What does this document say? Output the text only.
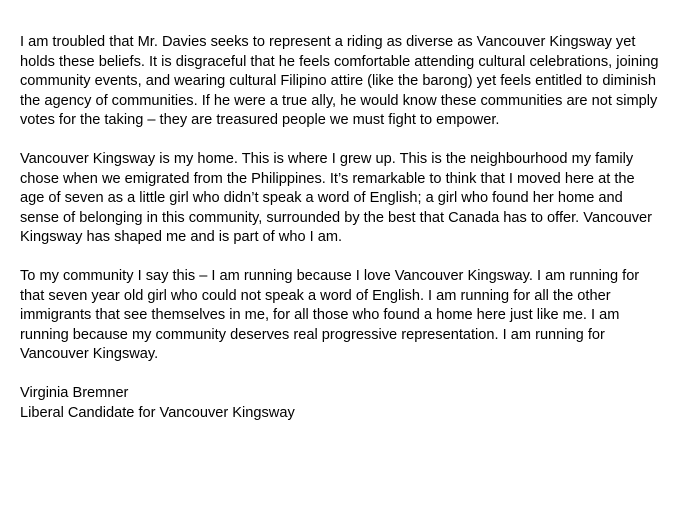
I am troubled that Mr. Davies seeks to represent a riding as diverse as Vancouver Kingsway yet holds these beliefs. It is disgraceful that he feels comfortable attending cultural celebrations, joining community events, and wearing cultural Filipino attire (like the barong) yet feels entitled to diminish the agency of communities. If he were a true ally, he would know these communities are not simply votes for the taking – they are treasured people we must fight to empower.

Vancouver Kingsway is my home. This is where I grew up. This is the neighbourhood my family chose when we emigrated from the Philippines. It’s remarkable to think that I moved here at the age of seven as a little girl who didn’t speak a word of English; a girl who found her home and sense of belonging in this community, surrounded by the best that Canada has to offer. Vancouver Kingsway has shaped me and is part of who I am.

To my community I say this – I am running because I love Vancouver Kingsway. I am running for that seven year old girl who could not speak a word of English. I am running for all the other immigrants that see themselves in me, for all those who found a home here just like me. I am running because my community deserves real progressive representation. I am running for Vancouver Kingsway.

Virginia Bremner
Liberal Candidate for Vancouver Kingsway
